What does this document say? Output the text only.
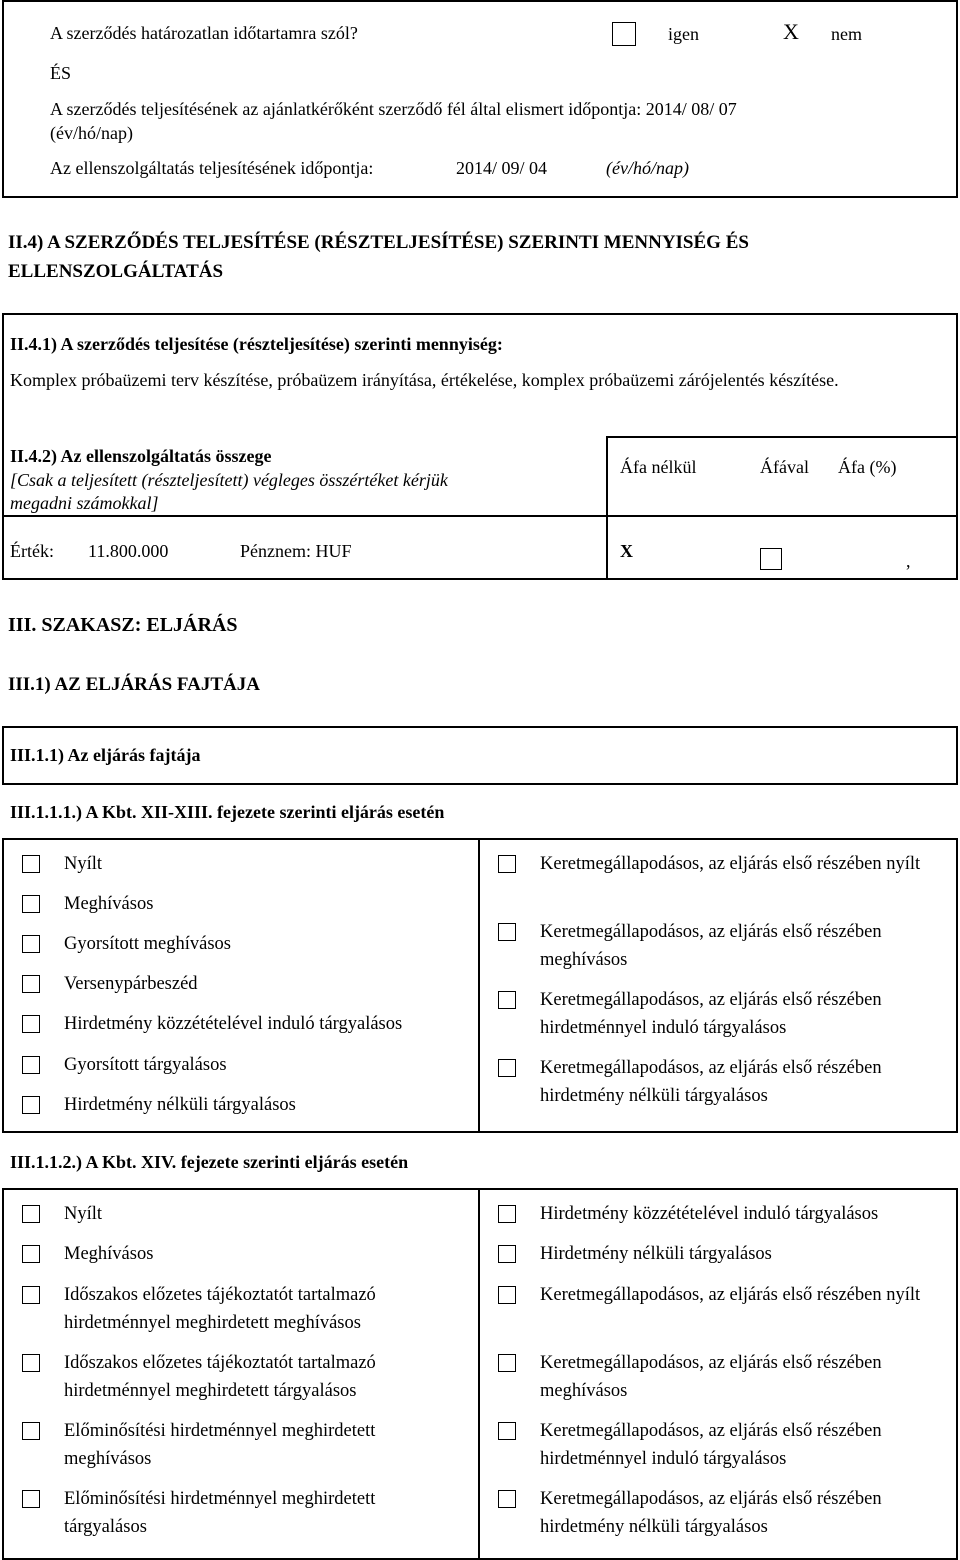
A szerződés határozatlan időtartamra szól?	igen	X nem
ÉS
A szerződés teljesítésének az ajánlatkérőként szerződő fél által elismert időpontja: 2014/ 08/ 07
(év/hó/nap)
Az ellenszolgáltatás teljesítésének időpontja:	2014/ 09/ 04	(év/hó/nap)
II.4) A SZERZŐDÉS TELJESÍTÉSE (RÉSZTELJESÍTÉSE) SZERINTI MENNYISÉG ÉS
ELLENSZOLGÁLTATÁS
II.4.1) A szerződés teljesítése (részteljesítése) szerinti mennyiség:
Komplex próbaüzemi terv készítése, próbaüzem irányítása, értékelése, komplex próbaüzemi zárójelentés készítése.
II.4.2) Az ellenszolgáltatás összege
[Csak a teljesített (részteljesített) végleges összértéket kérjük
megadni számokkal]
Áfa nélkül	Áfával Áfa (%)
Érték: 11.800.000	Pénznem: HUF	X	,
III. SZAKASZ: ELJÁRÁS
III.1) AZ ELJÁRÁS FAJTÁJA
III.1.1) Az eljárás fajtája
III.1.1.1.) A Kbt. XII-XIII. fejezete szerinti eljárás esetén
Nyílt
Meghívásos
Gyorsított meghívásos
Versenypárbeszéd
Hirdetmény közzétételével induló tárgyalásos
Gyorsított tárgyalásos
Hirdetmény nélküli tárgyalásos
Keretmegállapodásos, az eljárás első részében nyílt
Keretmegállapodásos, az eljárás első részében meghívásos
Keretmegállapodásos, az eljárás első részében hirdetménnyel induló tárgyalásos
Keretmegállapodásos, az eljárás első részében hirdetmény nélküli tárgyalásos
III.1.1.2.) A Kbt. XIV. fejezete szerinti eljárás esetén
Nyílt
Meghívásos
Időszakos előzetes tájékoztatót tartalmazó hirdetménnyel meghirdetett meghívásos
Időszakos előzetes tájékoztatót tartalmazó hirdetménnyel meghirdetett tárgyalásos
Előminősítési hirdetménnyel meghirdetett meghívásos
Előminősítési hirdetménnyel meghirdetett tárgyalásos
Hirdetmény közzétételével induló tárgyalásos
Hirdetmény nélküli tárgyalásos
Keretmegállapodásos, az eljárás első részében nyílt
Keretmegállapodásos, az eljárás első részében meghívásos
Keretmegállapodásos, az eljárás első részében hirdetménnyel induló tárgyalásos
Keretmegállapodásos, az eljárás első részében hirdetmény nélküli tárgyalásos
